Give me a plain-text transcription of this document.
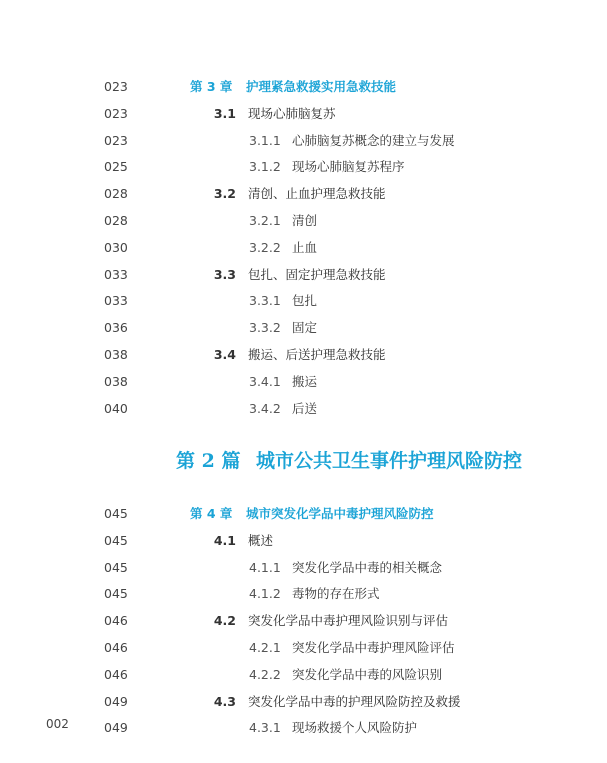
023	第 3 章 护理紧急救援实用急救技能
023	3.1 现场心肺脑复苏
023	3.1.1 心肺脑复苏概念的建立与发展
025	3.1.2 现场心肺脑复苏程序
028	3.2 清创、止血护理急救技能
028	3.2.1 清创
030	3.2.2 止血
033	3.3 包扎、固定护理急救技能
033	3.3.1 包扎
036	3.3.2 固定
038	3.4 搬运、后送护理急救技能
038	3.4.1 搬运
040	3.4.2 后送
第 2 篇 城市公共卫生事件护理风险防控
045	第 4 章 城市突发化学品中毒护理风险防控
045	4.1 概述
045	4.1.1 突发化学品中毒的相关概念
045	4.1.2 毒物的存在形式
046	4.2 突发化学品中毒护理风险识别与评估
046	4.2.1 突发化学品中毒护理风险评估
046	4.2.2 突发化学品中毒的风险识别
049	4.3 突发化学品中毒的护理风险防控及救援
049	4.3.1 现场救援个人风险防护
002
